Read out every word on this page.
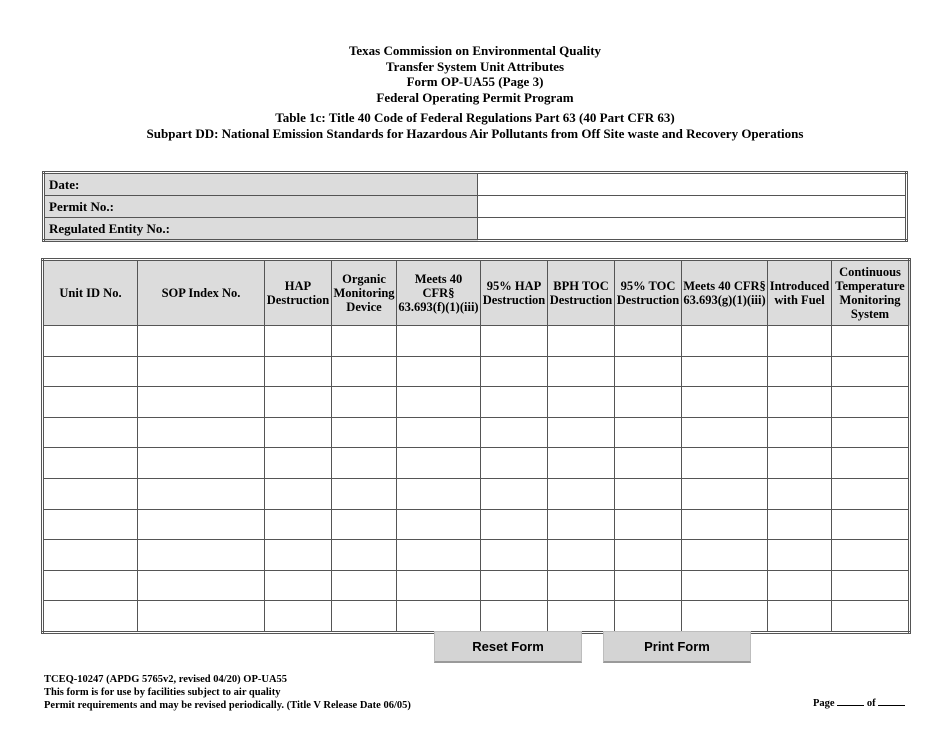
Texas Commission on Environmental Quality
Transfer System Unit Attributes
Form OP-UA55 (Page 3)
Federal Operating Permit Program
Table 1c: Title 40 Code of Federal Regulations Part 63 (40 Part CFR 63)
Subpart DD: National Emission Standards for Hazardous Air Pollutants from Off Site waste and Recovery Operations
Date:	
Permit No.:	
Regulated Entity No.:	
Unit ID No.	SOP Index No.	HAP Destruction	Organic Monitoring Device	Meets 40 CFR§ 63.693(f)(1)(iii)	95% HAP Destruction	BPH TOC Destruction	95% TOC Destruction	Meets 40 CFR§ 63.693(g)(1)(iii)	Introduced with Fuel	Continuous Temperature Monitoring System

Reset Form	Print Form
TCEQ-10247 (APDG 5765v2, revised 04/20) OP-UA55
This form is for use by facilities subject to air quality
Permit requirements and may be revised periodically. (Title V Release Date 06/05)	Page	of
